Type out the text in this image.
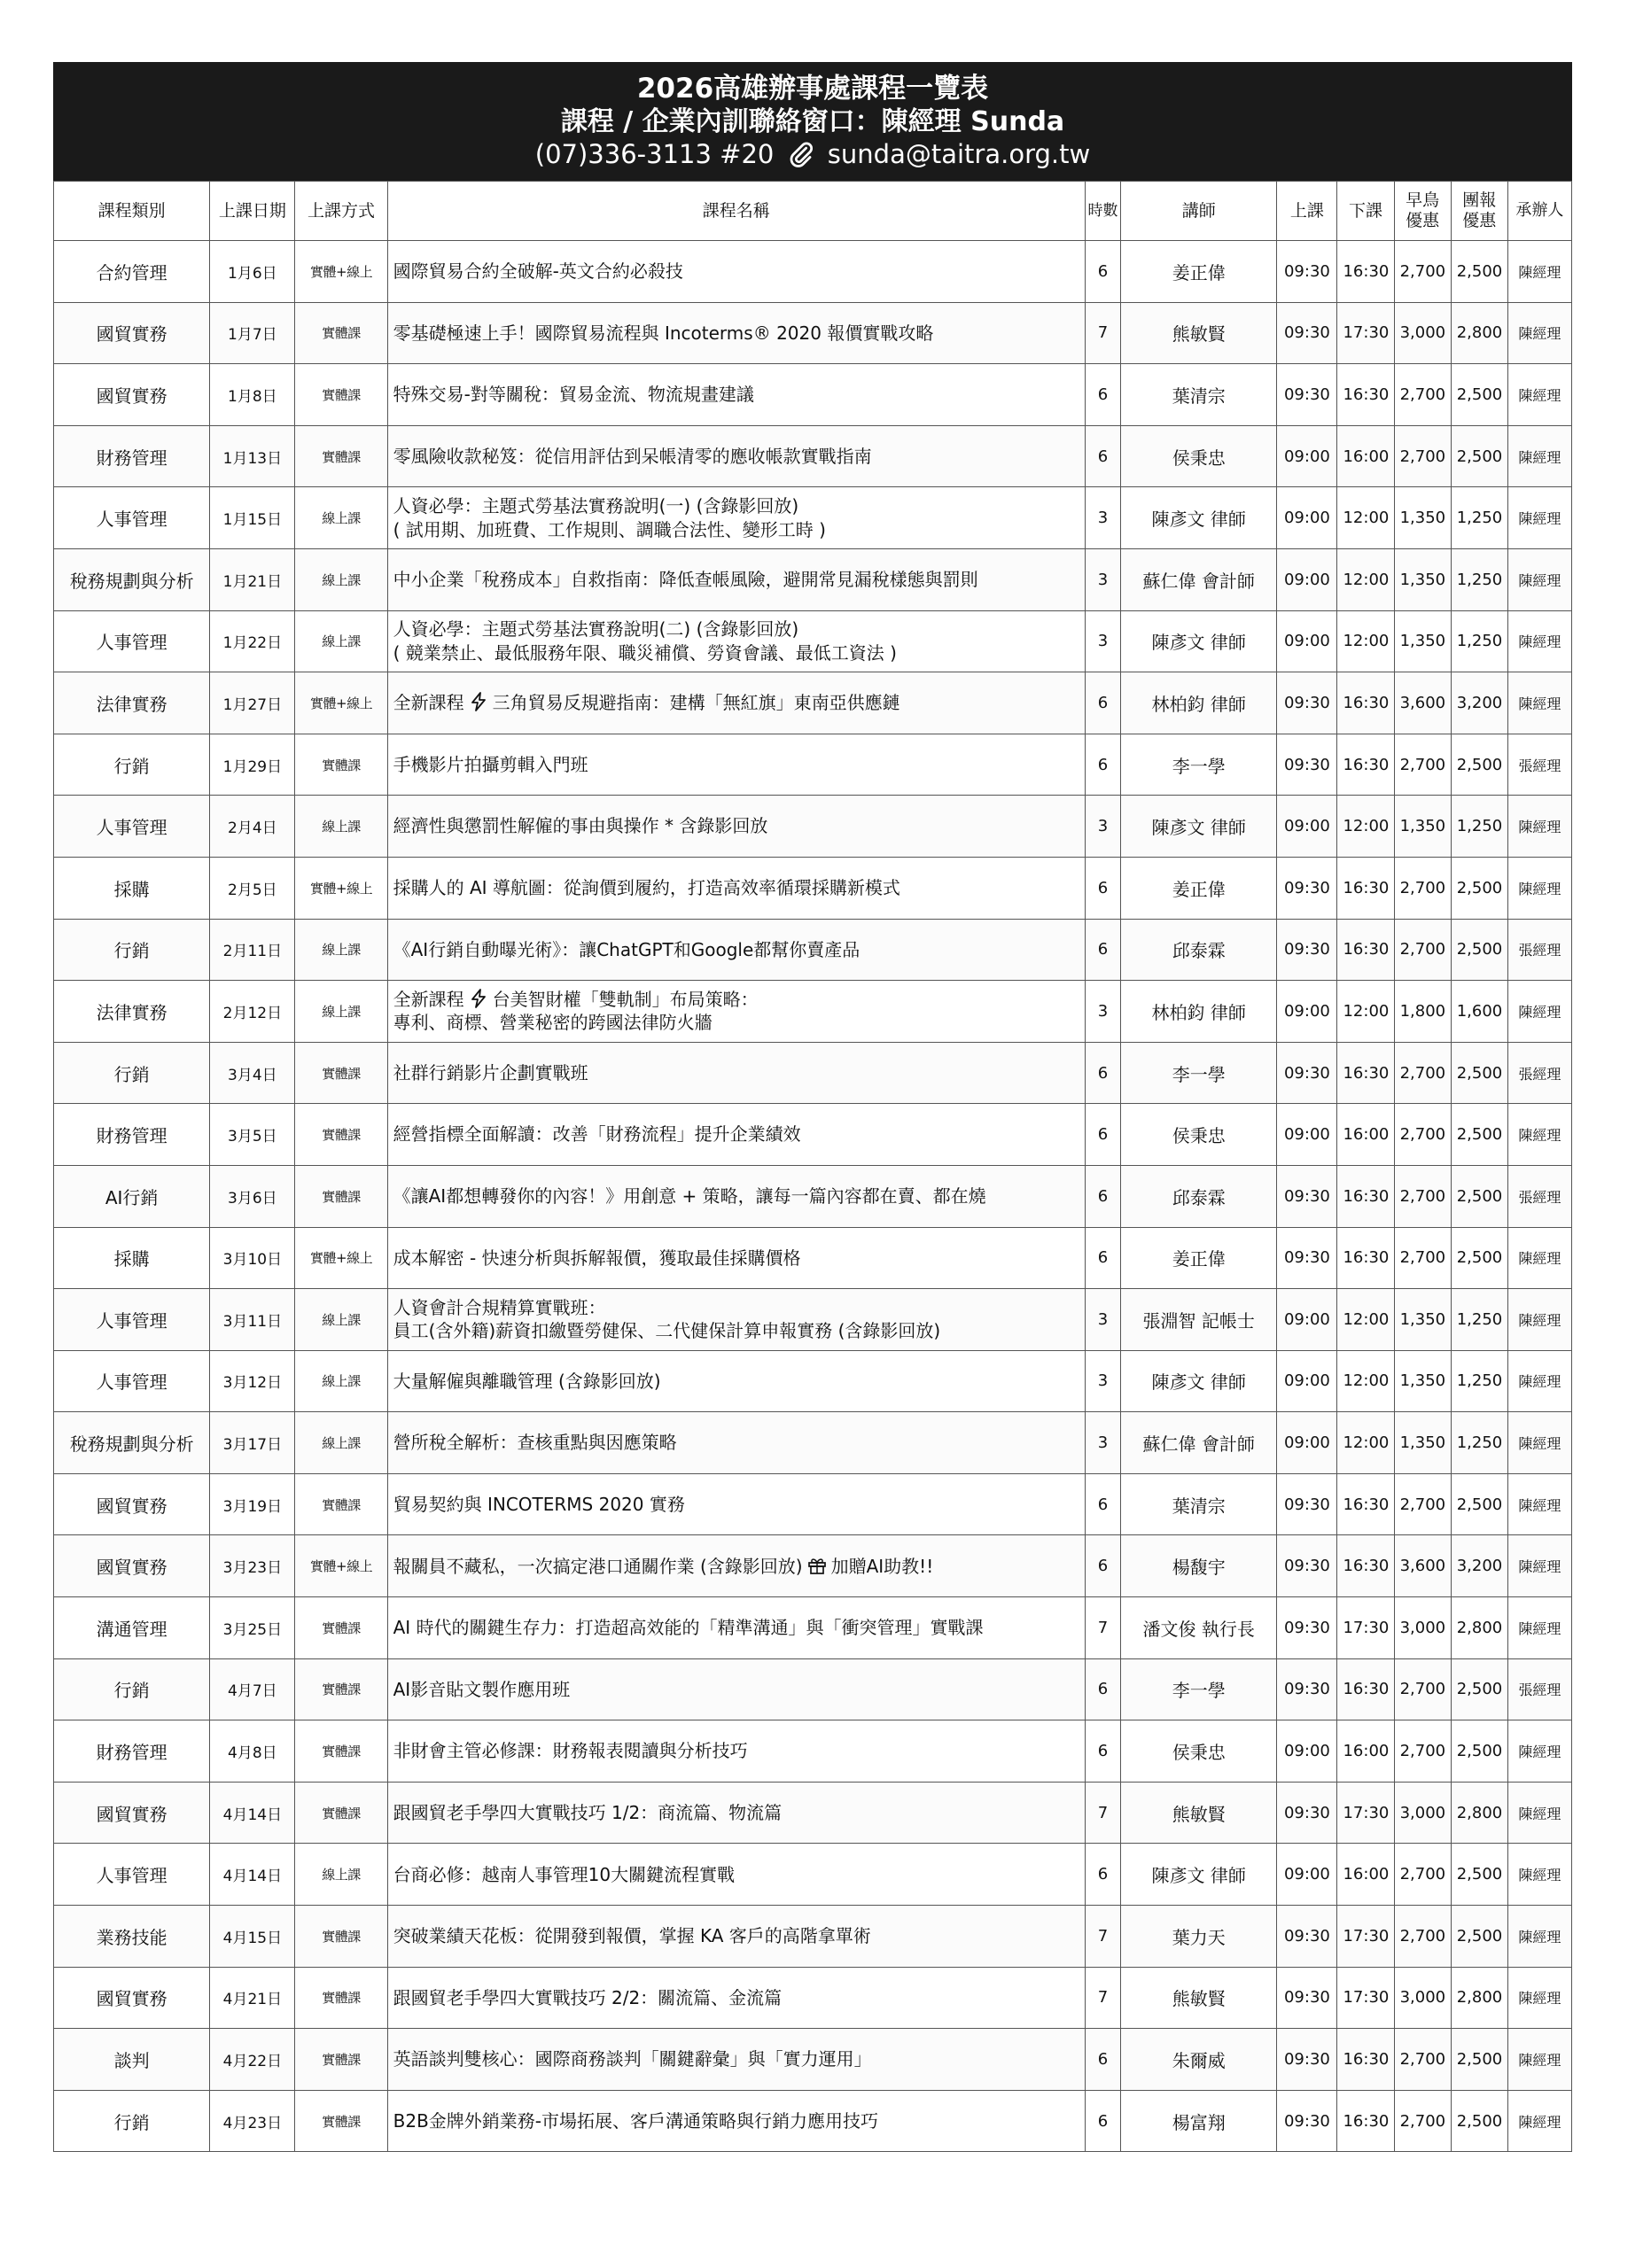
2026高雄辦事處課程一覽表
課程 / 企業內訓聯絡窗口：陳經理 Sunda
(07)336-3113 #20 sunda@taitra.org.tw
課程類別	上課日期	上課方式	課程名稱	時數	講師	上課	下課	早鳥優惠	團報優惠	承辦人
合約管理	1月6日	實體+線上	國際貿易合約全破解-英文合約必殺技	6	姜正偉	09:30	16:30	2,700	2,500	陳經理
國貿實務	1月7日	實體課	零基礎極速上手！國際貿易流程與 Incoterms® 2020 報價實戰攻略	7	熊敏賢	09:30	17:30	3,000	2,800	陳經理
國貿實務	1月8日	實體課	特殊交易-對等關稅：貿易金流、物流規畫建議	6	葉清宗	09:30	16:30	2,700	2,500	陳經理
財務管理	1月13日	實體課	零風險收款秘笈：從信用評估到呆帳清零的應收帳款實戰指南	6	侯秉忠	09:00	16:00	2,700	2,500	陳經理
人事管理	1月15日	線上課	人資必學：主題式勞基法實務說明(一) (含錄影回放)
( 試用期、加班費、工作規則、調職合法性、變形工時 )	3	陳彥文 律師	09:00	12:00	1,350	1,250	陳經理
稅務規劃與分析	1月21日	線上課	中小企業「稅務成本」自救指南：降低查帳風險，避開常見漏稅樣態與罰則	3	蘇仁偉 會計師	09:00	12:00	1,350	1,250	陳經理
人事管理	1月22日	線上課	人資必學：主題式勞基法實務說明(二) (含錄影回放)
( 競業禁止、最低服務年限、職災補償、勞資會議、最低工資法 )	3	陳彥文 律師	09:00	12:00	1,350	1,250	陳經理
法律實務	1月27日	實體+線上	全新課程 三角貿易反規避指南：建構「無紅旗」東南亞供應鏈	6	林柏鈞 律師	09:30	16:30	3,600	3,200	陳經理
行銷	1月29日	實體課	手機影片拍攝剪輯入門班	6	李一學	09:30	16:30	2,700	2,500	張經理
人事管理	2月4日	線上課	經濟性與懲罰性解僱的事由與操作 * 含錄影回放	3	陳彥文 律師	09:00	12:00	1,350	1,250	陳經理
採購	2月5日	實體+線上	採購人的 AI 導航圖：從詢價到履約，打造高效率循環採購新模式	6	姜正偉	09:30	16:30	2,700	2,500	陳經理
行銷	2月11日	線上課	《AI行銷自動曝光術》：讓ChatGPT和Google都幫你賣產品	6	邱泰霖	09:30	16:30	2,700	2,500	張經理
法律實務	2月12日	線上課	全新課程 台美智財權「雙軌制」布局策略：
專利、商標、營業秘密的跨國法律防火牆	3	林柏鈞 律師	09:00	12:00	1,800	1,600	陳經理
行銷	3月4日	實體課	社群行銷影片企劃實戰班	6	李一學	09:30	16:30	2,700	2,500	張經理
財務管理	3月5日	實體課	經營指標全面解讀：改善「財務流程」提升企業績效	6	侯秉忠	09:00	16:00	2,700	2,500	陳經理
AI行銷	3月6日	實體課	《讓AI都想轉發你的內容！》用創意 + 策略，讓每一篇內容都在賣、都在燒	6	邱泰霖	09:30	16:30	2,700	2,500	張經理
採購	3月10日	實體+線上	成本解密 - 快速分析與拆解報價，獲取最佳採購價格	6	姜正偉	09:30	16:30	2,700	2,500	陳經理
人事管理	3月11日	線上課	人資會計合規精算實戰班：
員工(含外籍)薪資扣繳暨勞健保、二代健保計算申報實務 (含錄影回放)	3	張淵智 記帳士	09:00	12:00	1,350	1,250	陳經理
人事管理	3月12日	線上課	大量解僱與離職管理 (含錄影回放)	3	陳彥文 律師	09:00	12:00	1,350	1,250	陳經理
稅務規劃與分析	3月17日	線上課	營所稅全解析：查核重點與因應策略	3	蘇仁偉 會計師	09:00	12:00	1,350	1,250	陳經理
國貿實務	3月19日	實體課	貿易契約與 INCOTERMS 2020 實務	6	葉清宗	09:30	16:30	2,700	2,500	陳經理
國貿實務	3月23日	實體+線上	報關員不藏私，一次搞定港口通關作業 (含錄影回放) 加贈AI助教!!	6	楊馥宇	09:30	16:30	3,600	3,200	陳經理
溝通管理	3月25日	實體課	AI 時代的關鍵生存力：打造超高效能的「精準溝通」與「衝突管理」實戰課	7	潘文俊 執行長	09:30	17:30	3,000	2,800	陳經理
行銷	4月7日	實體課	AI影音貼文製作應用班	6	李一學	09:30	16:30	2,700	2,500	張經理
財務管理	4月8日	實體課	非財會主管必修課：財務報表閱讀與分析技巧	6	侯秉忠	09:00	16:00	2,700	2,500	陳經理
國貿實務	4月14日	實體課	跟國貿老手學四大實戰技巧 1/2：商流篇、物流篇	7	熊敏賢	09:30	17:30	3,000	2,800	陳經理
人事管理	4月14日	線上課	台商必修：越南人事管理10大關鍵流程實戰	6	陳彥文 律師	09:00	16:00	2,700	2,500	陳經理
業務技能	4月15日	實體課	突破業績天花板：從開發到報價，掌握 KA 客戶的高階拿單術	7	葉力天	09:30	17:30	2,700	2,500	陳經理
國貿實務	4月21日	實體課	跟國貿老手學四大實戰技巧 2/2：關流篇、金流篇	7	熊敏賢	09:30	17:30	3,000	2,800	陳經理
談判	4月22日	實體課	英語談判雙核心：國際商務談判「關鍵辭彙」與「實力運用」	6	朱爾威	09:30	16:30	2,700	2,500	陳經理
行銷	4月23日	實體課	B2B金牌外銷業務-市場拓展、客戶溝通策略與行銷力應用技巧	6	楊富翔	09:30	16:30	2,700	2,500	陳經理
